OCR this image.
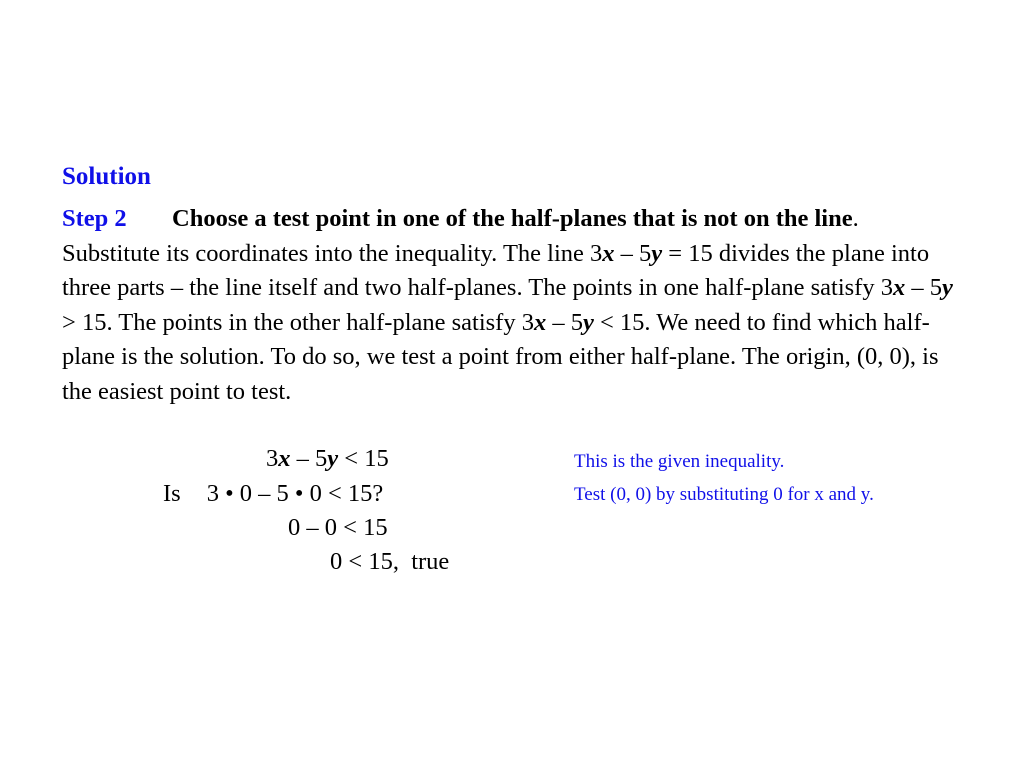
Solution

Step 2 Choose a test point in one of the half-planes that is not on the line. Substitute its coordinates into the inequality. The line 3x – 5y = 15 divides the plane into three parts – the line itself and two half-planes. The points in one half-plane satisfy 3x – 5y > 15. The points in the other half-plane satisfy 3x – 5y < 15. We need to find which half-plane is the solution. To do so, we test a point from either half-plane. The origin, (0, 0), is the easiest point to test.

3x – 5y < 15
Is 3 • 0 – 5 • 0 < 15?
0 – 0 < 15
0 < 15, true
This is the given inequality.
Test (0, 0) by substituting 0 for x and y.
